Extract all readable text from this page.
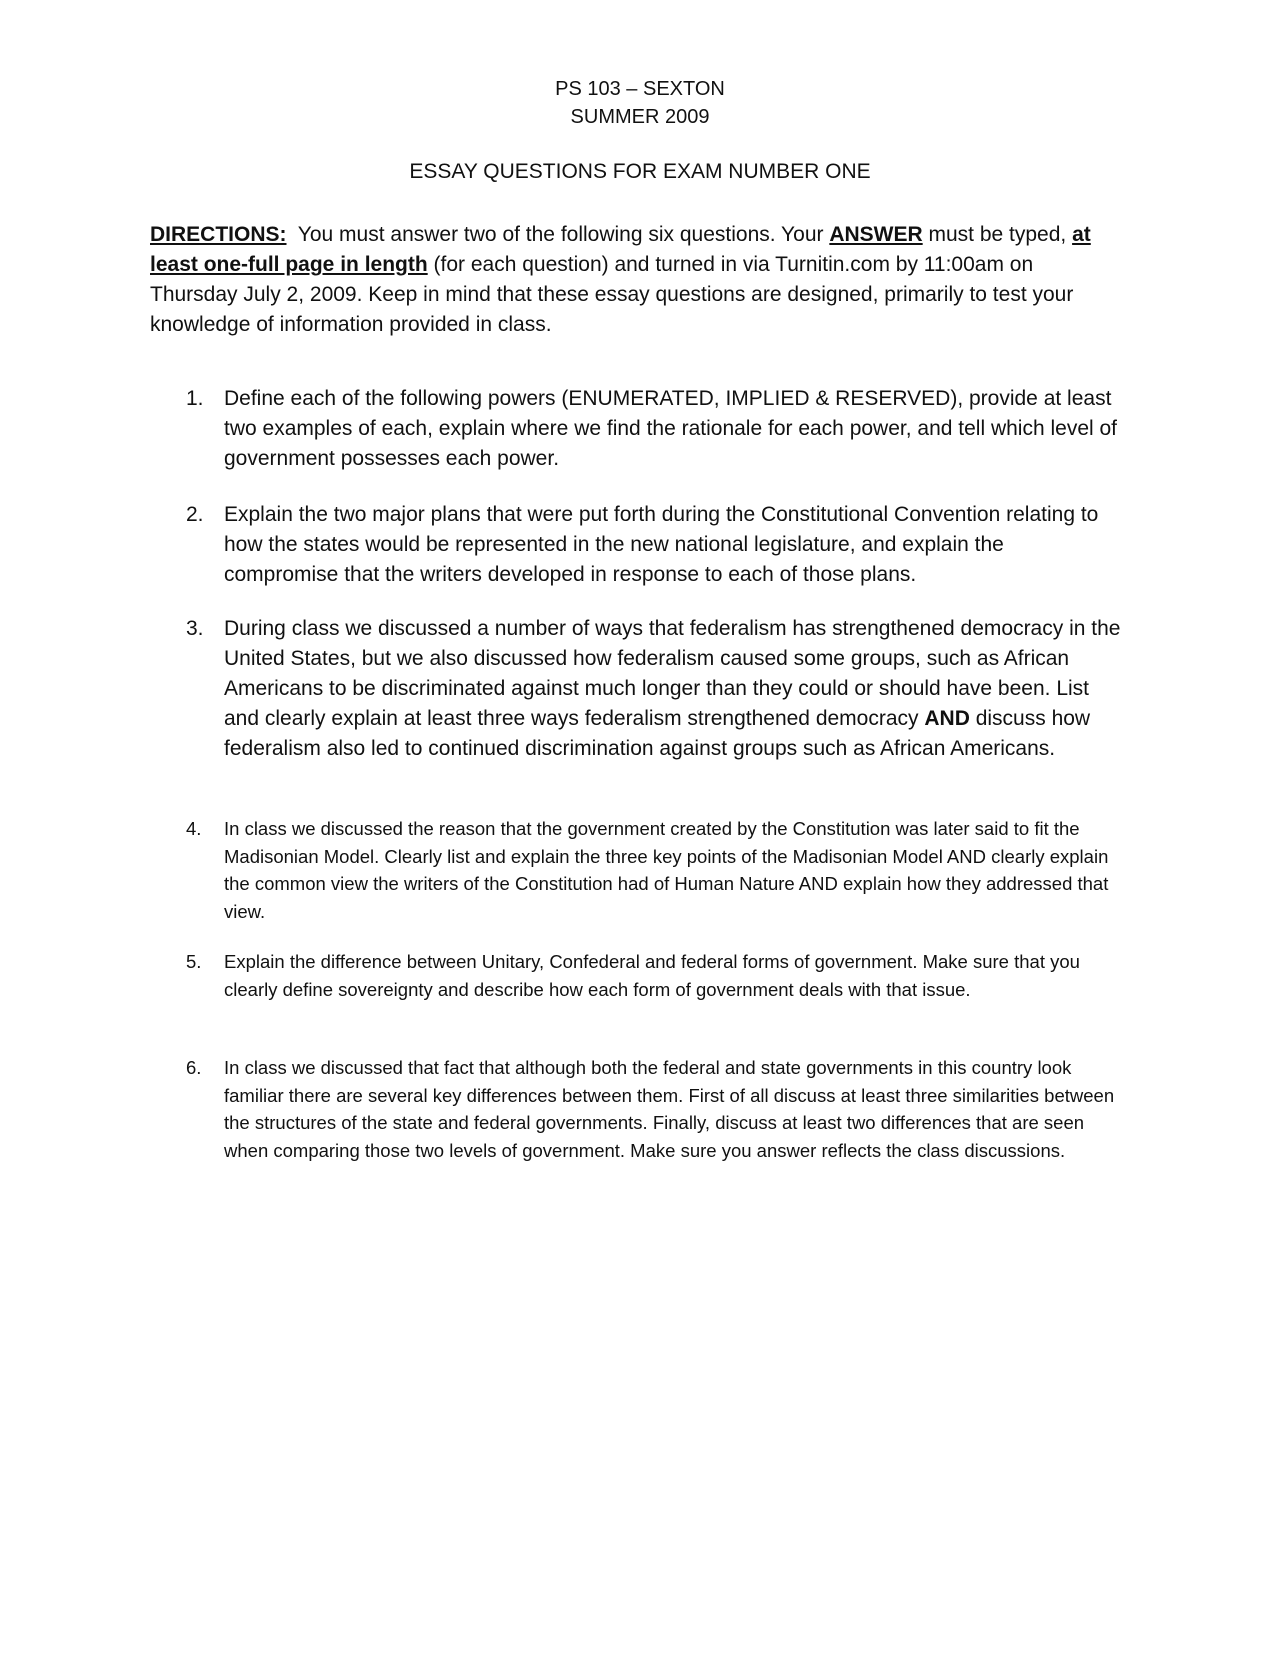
PS 103 – SEXTON
SUMMER 2009
ESSAY QUESTIONS FOR EXAM NUMBER ONE
DIRECTIONS:  You must answer two of the following six questions. Your ANSWER must be typed, at least one-full page in length (for each question) and turned in via Turnitin.com by 11:00am on Thursday July 2, 2009. Keep in mind that these essay questions are designed, primarily to test your knowledge of information provided in class.
1. Define each of the following powers (ENUMERATED, IMPLIED & RESERVED), provide at least two examples of each, explain where we find the rationale for each power, and tell which level of government possesses each power.
2. Explain the two major plans that were put forth during the Constitutional Convention relating to how the states would be represented in the new national legislature, and explain the compromise that the writers developed in response to each of those plans.
3. During class we discussed a number of ways that federalism has strengthened democracy in the United States, but we also discussed how federalism caused some groups, such as African Americans to be discriminated against much longer than they could or should have been. List and clearly explain at least three ways federalism strengthened democracy AND discuss how federalism also led to continued discrimination against groups such as African Americans.
4.	In class we discussed the reason that the government created by the Constitution was later said to fit the Madisonian Model. Clearly list and explain the three key points of the Madisonian Model AND clearly explain the common view the writers of the Constitution had of Human Nature AND explain how they addressed that view.
5.	Explain the difference between Unitary, Confederal and federal forms of government. Make sure that you clearly define sovereignty and describe how each form of government deals with that issue.
6.	In class we discussed that fact that although both the federal and state governments in this country look familiar there are several key differences between them. First of all discuss at least three similarities between the structures of the state and federal governments. Finally, discuss at least two differences that are seen when comparing those two levels of government. Make sure you answer reflects the class discussions.
